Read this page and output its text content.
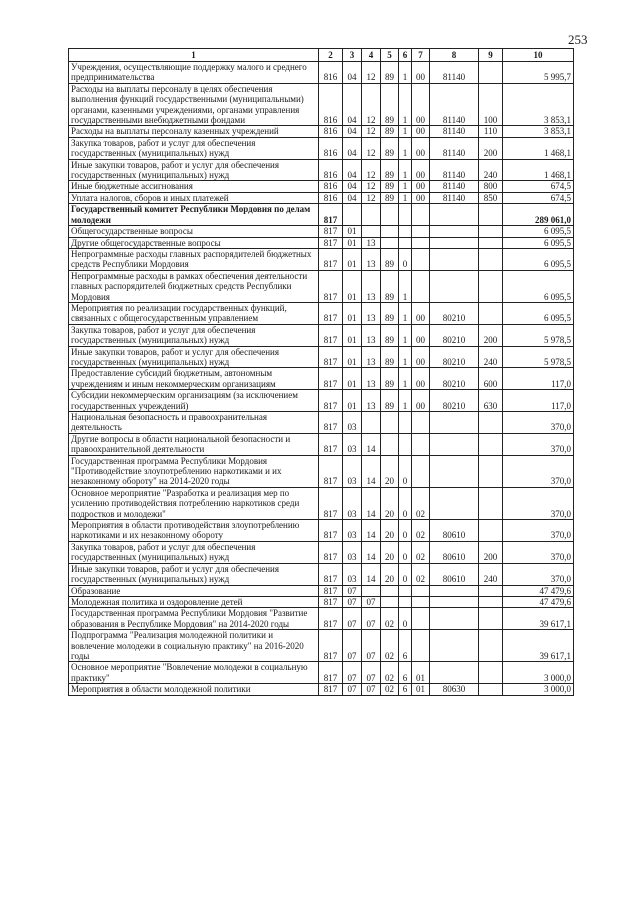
253
1	2	3	4	5	6	7	8	9	10
Учреждения, осуществляющие поддержку малого и среднего предпринимательства	816	04	12	89	1	00	81140		5 995,7
Расходы на выплаты персоналу в целях обеспечения выполнения функций государственными (муниципальными) органами, казенными учреждениями, органами управления государственными внебюджетными фондами	816	04	12	89	1	00	81140	100	3 853,1
Расходы на выплаты персоналу казенных учреждений	816	04	12	89	1	00	81140	110	3 853,1
Закупка товаров, работ и услуг для обеспечения государственных (муниципальных) нужд	816	04	12	89	1	00	81140	200	1 468,1
Иные закупки товаров, работ и услуг для обеспечения государственных (муниципальных) нужд	816	04	12	89	1	00	81140	240	1 468,1
Иные бюджетные ассигнования	816	04	12	89	1	00	81140	800	674,5
Уплата налогов, сборов и иных платежей	816	04	12	89	1	00	81140	850	674,5
Государственный комитет Республики Мордовия по делам молодежи	817								289 061,0
Общегосударственные вопросы	817	01							6 095,5
Другие общегосударственные вопросы	817	01	13						6 095,5
Непрограммные расходы главных распорядителей бюджетных средств Республики Мордовия	817	01	13	89	0				6 095,5
Непрограммные расходы в рамках обеспечения деятельности главных распорядителей бюджетных средств Республики Мордовия	817	01	13	89	1				6 095,5
Мероприятия по реализации государственных функций, связанных с общегосударственным управлением	817	01	13	89	1	00	80210		6 095,5
Закупка товаров, работ и услуг для обеспечения государственных (муниципальных) нужд	817	01	13	89	1	00	80210	200	5 978,5
Иные закупки товаров, работ и услуг для обеспечения государственных (муниципальных) нужд	817	01	13	89	1	00	80210	240	5 978,5
Предоставление субсидий бюджетным, автономным учреждениям и иным некоммерческим организациям	817	01	13	89	1	00	80210	600	117,0
Субсидии некоммерческим организациям (за исключением государственных учреждений)	817	01	13	89	1	00	80210	630	117,0
Национальная безопасность и правоохранительная деятельность	817	03							370,0
Другие вопросы в области национальной безопасности и правоохранительной деятельности	817	03	14						370,0
Государственная программа Республики Мордовия "Противодействие злоупотреблению наркотиками и их незаконному обороту" на 2014-2020 годы	817	03	14	20	0				370,0
Основное мероприятие "Разработка и реализация мер по усилению противодействия потреблению наркотиков среди подростков и молодежи"	817	03	14	20	0	02			370,0
Мероприятия в области противодействия злоупотреблению наркотиками и их незаконному обороту	817	03	14	20	0	02	80610		370,0
Закупка товаров, работ и услуг для обеспечения государственных (муниципальных) нужд	817	03	14	20	0	02	80610	200	370,0
Иные закупки товаров, работ и услуг для обеспечения государственных (муниципальных) нужд	817	03	14	20	0	02	80610	240	370,0
Образование	817	07							47 479,6
Молодежная политика и оздоровление детей	817	07	07						47 479,6
Государственная программа Республики Мордовия "Развитие образования в Республике Мордовия" на 2014-2020 годы	817	07	07	02	0				39 617,1
Подпрограмма "Реализация молодежной политики и вовлечение молодежи в социальную практику" на 2016-2020 годы	817	07	07	02	6				39 617,1
Основное мероприятие "Вовлечение молодежи в социальную практику"	817	07	07	02	6	01			3 000,0
Мероприятия в области молодежной политики	817	07	07	02	6	01	80630		3 000,0
